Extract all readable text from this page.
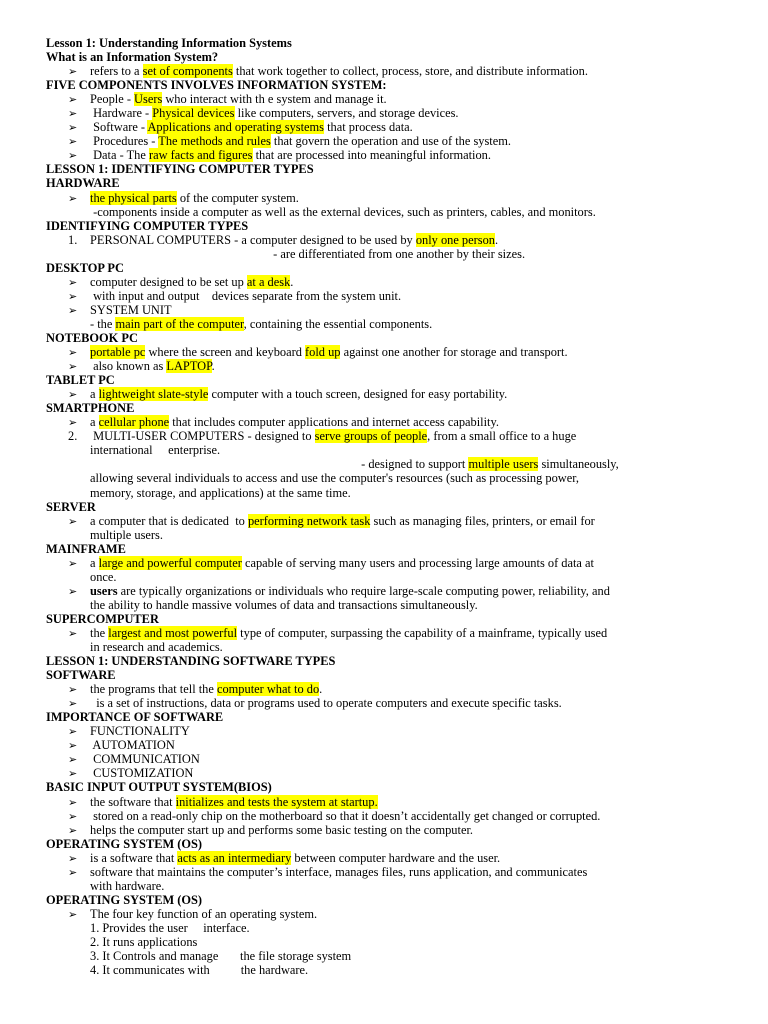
Lesson 1: Understanding Information Systems
What is an Information System?
➢ refers to a set of components that work together to collect, process, store, and distribute information.
FIVE COMPONENTS INVOLVES INFORMATION SYSTEM:
➢ People - Users who interact with th e system and manage it.
➢ Hardware - Physical devices like computers, servers, and storage devices.
➢ Software - Applications and operating systems that process data.
➢ Procedures - The methods and rules that govern the operation and use of the system.
➢ Data - The raw facts and figures that are processed into meaningful information.
LESSON 1: IDENTIFYING COMPUTER TYPES
HARDWARE
➢ the physical parts of the computer system.
-components inside a computer as well as the external devices, such as printers, cables, and monitors.
IDENTIFYING COMPUTER TYPES
1. PERSONAL COMPUTERS - a computer designed to be used by only one person.
- are differentiated from one another by their sizes.
DESKTOP PC
➢ computer designed to be set up at a desk.
➢ with input and output    devices separate from the system unit.
➢ SYSTEM UNIT
- the main part of the computer, containing the essential components.
NOTEBOOK PC
➢ portable pc where the screen and keyboard fold up against one another for storage and transport.
➢ also known as LAPTOP.
TABLET PC
➢ a lightweight slate-style computer with a touch screen, designed for easy portability.
SMARTPHONE
➢ a cellular phone that includes computer applications and internet access capability.
2. MULTI-USER COMPUTERS - designed to serve groups of people, from a small office to a huge
international     enterprise.
- designed to support multiple users simultaneously,
allowing several individuals to access and use the computer's resources (such as processing power,
memory, storage, and applications) at the same time.
SERVER
➢ a computer that is dedicated  to performing network task such as managing files, printers, or email for
multiple users.
MAINFRAME
➢ a large and powerful computer capable of serving many users and processing large amounts of data at
once.
➢ users are typically organizations or individuals who require large-scale computing power, reliability, and
the ability to handle massive volumes of data and transactions simultaneously.
SUPERCOMPUTER
➢ the largest and most powerful type of computer, surpassing the capability of a mainframe, typically used
in research and academics.
LESSON 1: UNDERSTANDING SOFTWARE TYPES
SOFTWARE
➢ the programs that tell the computer what to do.
➢ is a set of instructions, data or programs used to operate computers and execute specific tasks.
IMPORTANCE OF SOFTWARE
➢ FUNCTIONALITY
➢ AUTOMATION
➢ COMMUNICATION
➢ CUSTOMIZATION
BASIC INPUT OUTPUT SYSTEM(BIOS)
➢ the software that initializes and tests the system at startup.
➢ stored on a read-only chip on the motherboard so that it doesn’t accidentally get changed or corrupted.
➢ helps the computer start up and performs some basic testing on the computer.
OPERATING SYSTEM (OS)
➢ is a software that acts as an intermediary between computer hardware and the user.
➢ software that maintains the computer’s interface, manages files, runs application, and communicates
with hardware.
OPERATING SYSTEM (OS)
➢ The four key function of an operating system.
1. Provides the user     interface.
2. It runs applications
3. It Controls and manage       the file storage system
4. It communicates with          the hardware.
